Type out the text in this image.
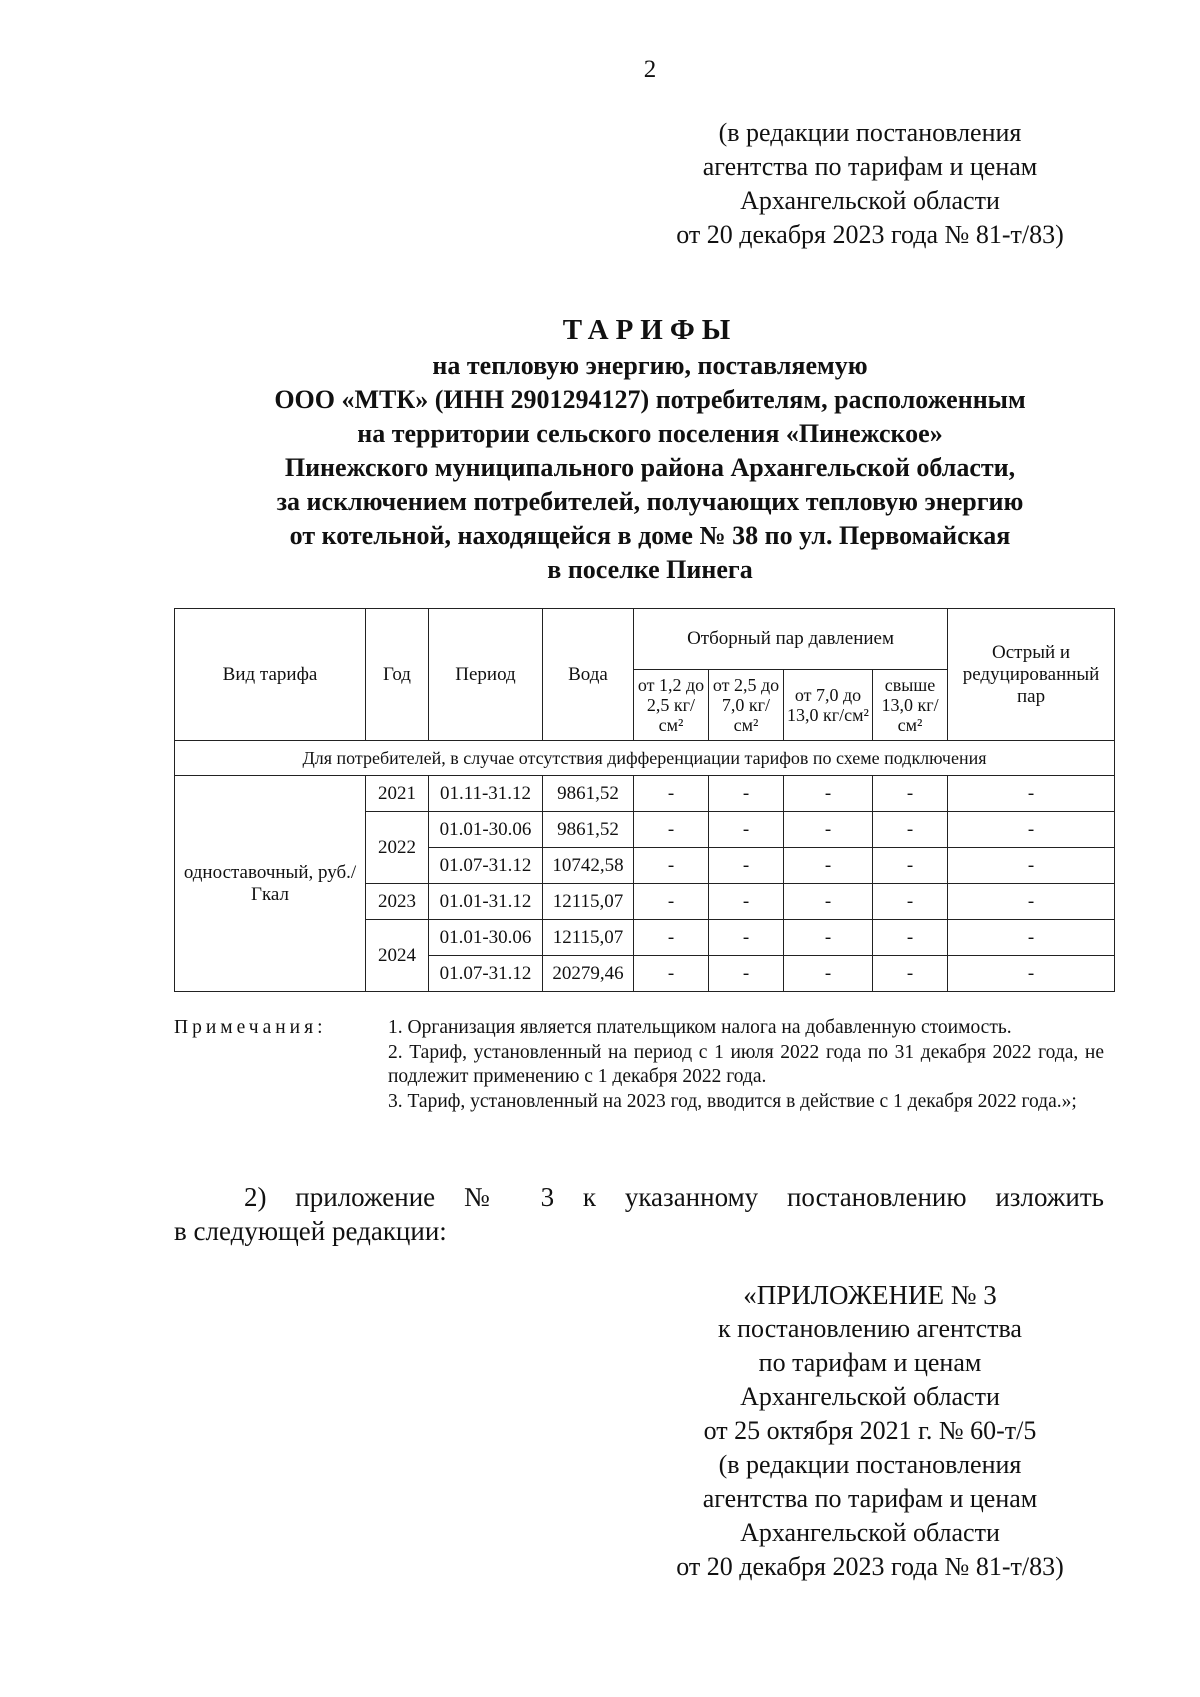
2
(в редакции постановления
агентства по тарифам и ценам
Архангельской области
от 20 декабря 2023 года № 81-т/83)
ТАРИФЫ
на тепловую энергию, поставляемую
ООО «МТК» (ИНН 2901294127) потребителям, расположенным
на территории сельского поселения «Пинежское»
Пинежского муниципального района Архангельской области,
за исключением потребителей, получающих тепловую энергию
от котельной, находящейся в доме № 38 по ул. Первомайская
в поселке Пинега
Вид тарифа	Год	Период	Вода	Отборный пар давлением				Острый и редуцированный пар
				от 1,2 до 2,5 кг/см²	от 2,5 до 7,0 кг/см²	от 7,0 до 13,0 кг/см²	свыше 13,0 кг/см²	
Для потребителей, в случае отсутствия дифференциации тарифов по схеме подключения								
одноставочный, руб./Гкал	2021	01.11-31.12	9861,52	-	-	-	-	-
	2022	01.01-30.06	9861,52	-	-	-	-	-
		01.07-31.12	10742,58	-	-	-	-	-
	2023	01.01-31.12	12115,07	-	-	-	-	-
	2024	01.01-30.06	12115,07	-	-	-	-	-
		01.07-31.12	20279,46	-	-	-	-	-
Примечания:	1. Организация является плательщиком налога на добавленную стоимость.
2. Тариф, установленный на период с 1 июля 2022 года по 31 декабря 2022 года, не подлежит применению с 1 декабря 2022 года.
3. Тариф, установленный на 2023 год, вводится в действие с 1 декабря 2022 года.»;
2) приложение № 3 к указанному постановлению изложить
в следующей редакции:
«ПРИЛОЖЕНИЕ № 3
к постановлению агентства
по тарифам и ценам
Архангельской области
от 25 октября 2021 г. № 60-т/5
(в редакции постановления
агентства по тарифам и ценам
Архангельской области
от 20 декабря 2023 года № 81-т/83)
